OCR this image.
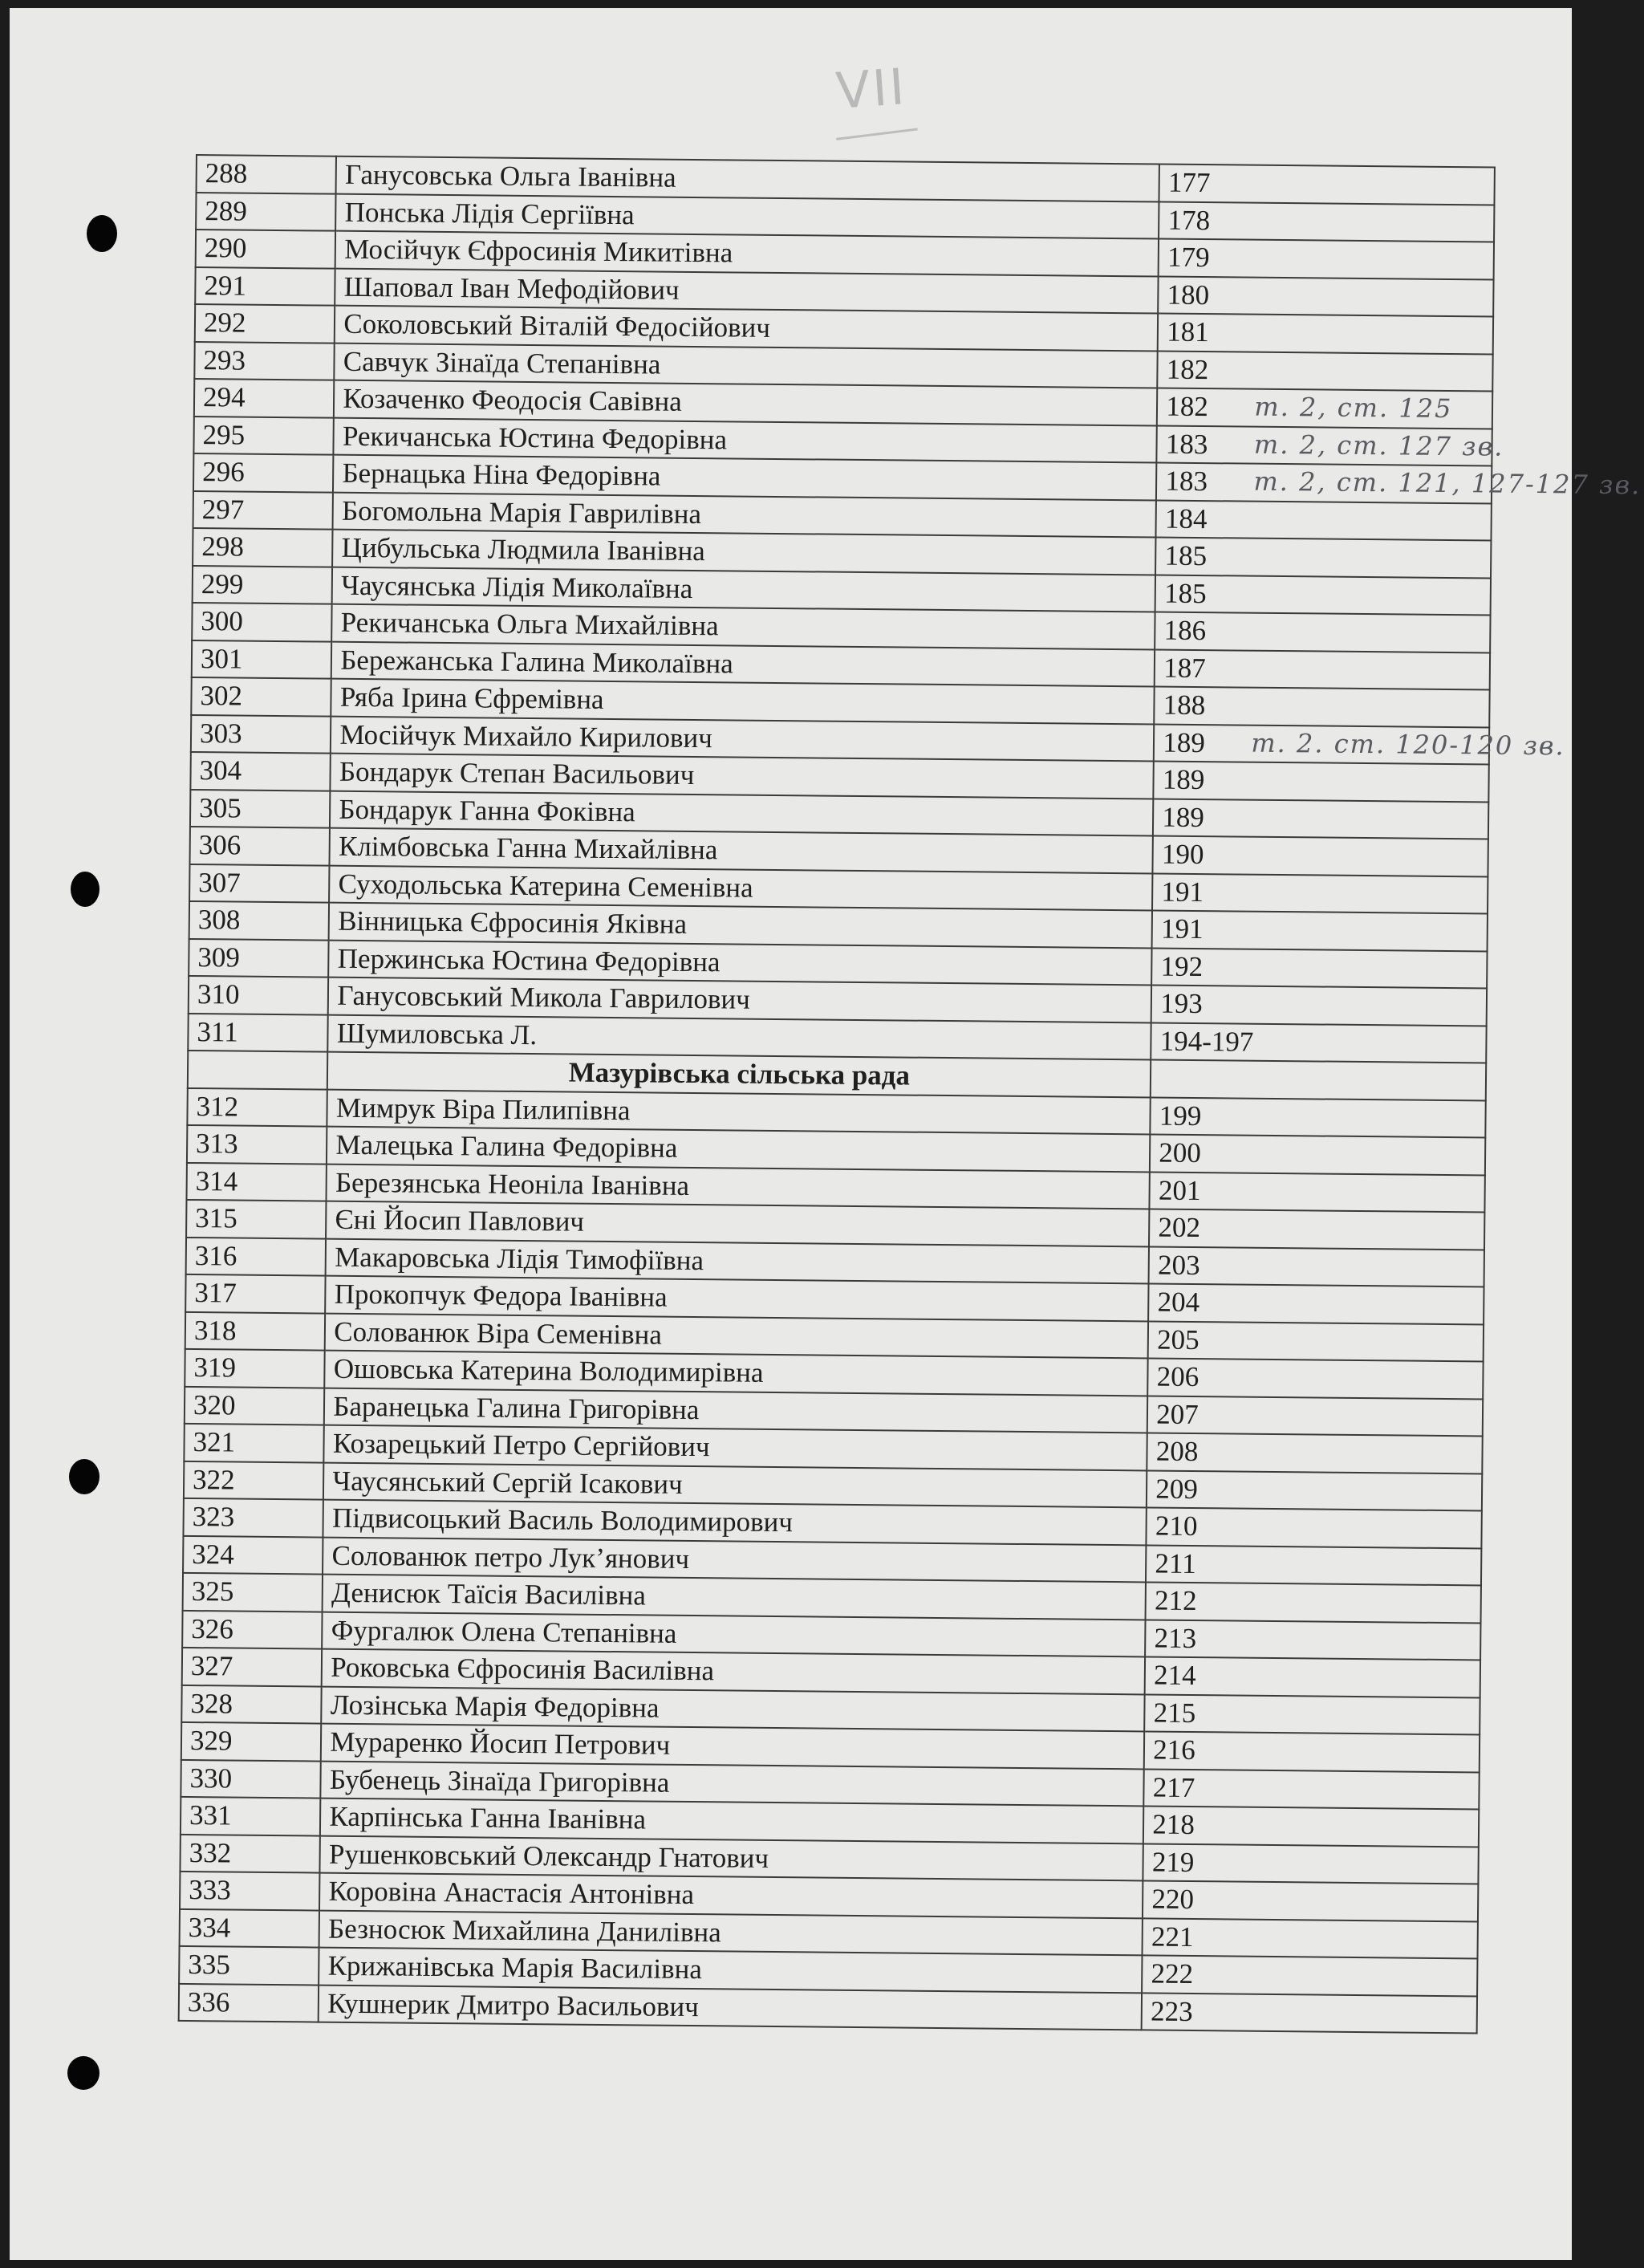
VII
288	Ганусовська Ольга Іванівна	177
289	Понська Лідія Сергіївна	178
290	Мосійчук Єфросинія Микитівна	179
291	Шаповал Іван Мефодійович	180
292	Соколовський Віталій Федосійович	181
293	Савчук Зінаїда Степанівна	182
294	Козаченко Феодосія Савівна	182 т. 2, ст. 125

295	Рекичанська Юстина Федорівна	183 т. 2, ст. 127 зв.

296	Бернацька Ніна Федорівна	183 т. 2, ст. 121, 127-127 зв.

297	Богомольна Марія Гаврилівна	184
298	Цибульська Людмила Іванівна	185
299	Чаусянська Лідія Миколаївна	185
300	Рекичанська Ольга Михайлівна	186
301	Бережанська Галина Миколаївна	187
302	Ряба Ірина Єфремівна	188
303	Мосійчук Михайло Кирилович	189 т. 2. ст. 120-120 зв.

304	Бондарук Степан Васильович	189
305	Бондарук Ганна Фоківна	189
306	Клімбовська Ганна Михайлівна	190
307	Суходольська Катерина Семенівна	191
308	Вінницька Єфросинія Яківна	191
309	Пержинська Юстина Федорівна	192
310	Ганусовський Микола Гаврилович	193
311	Шумиловська Л.	194-197
	Мазурівська сільська рада	
312	Мимрук Віра Пилипівна	199
313	Малецька Галина Федорівна	200
314	Березянська Неоніла Іванівна	201
315	Єні Йосип Павлович	202
316	Макаровська Лідія Тимофіївна	203
317	Прокопчук Федора Іванівна	204
318	Солованюк Віра Семенівна	205
319	Ошовська Катерина Володимирівна	206
320	Баранецька Галина Григорівна	207
321	Козарецький Петро Сергійович	208
322	Чаусянський Сергій Ісакович	209
323	Підвисоцький Василь Володимирович	210
324	Солованюк петро Лук’янович	211
325	Денисюк Таїсія Василівна	212
326	Фургалюк Олена Степанівна	213
327	Роковська Єфросинія Василівна	214
328	Лозінська Марія Федорівна	215
329	Мураренко Йосип Петрович	216
330	Бубенець Зінаїда Григорівна	217
331	Карпінська Ганна Іванівна	218
332	Рушенковський Олександр Гнатович	219
333	Коровіна Анастасія Антонівна	220
334	Безносюк Михайлина Данилівна	221
335	Крижанівська Марія Василівна	222
336	Кушнерик Дмитро Васильович	223
